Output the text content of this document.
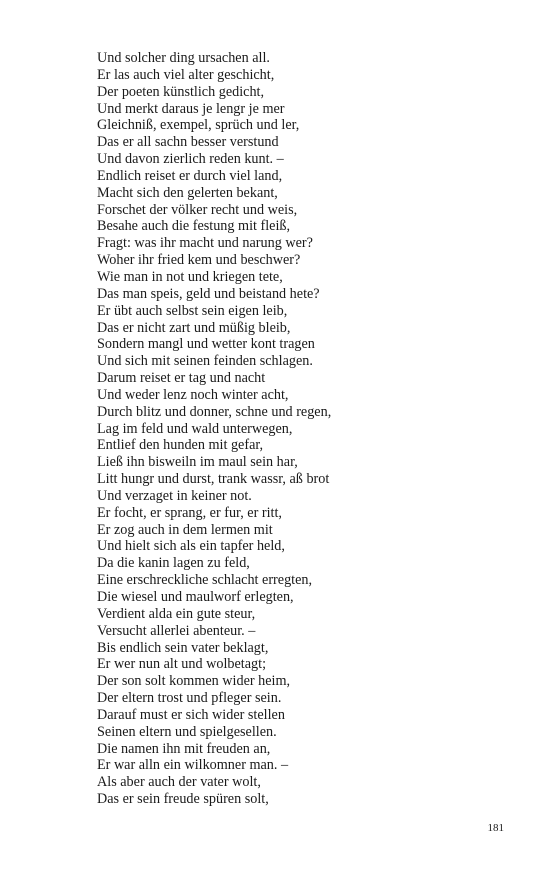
Und solcher ding ursachen all.
Er las auch viel alter geschicht,
Der poeten künstlich gedicht,
Und merkt daraus je lengr je mer
Gleichniß, exempel, sprüch und ler,
Das er all sachn besser verstund
Und davon zierlich reden kunt. –
Endlich reiset er durch viel land,
Macht sich den gelerten bekant,
Forschet der völker recht und weis,
Besahe auch die festung mit fleiß,
Fragt: was ihr macht und narung wer?
Woher ihr fried kem und beschwer?
Wie man in not und kriegen tete,
Das man speis, geld und beistand hete?
Er übt auch selbst sein eigen leib,
Das er nicht zart und müßig bleib,
Sondern mangl und wetter kont tragen
Und sich mit seinen feinden schlagen.
Darum reiset er tag und nacht
Und weder lenz noch winter acht,
Durch blitz und donner, schne und regen,
Lag im feld und wald unterwegen,
Entlief den hunden mit gefar,
Ließ ihn bisweiln im maul sein har,
Litt hungr und durst, trank wassr, aß brot
Und verzaget in keiner not.
Er focht, er sprang, er fur, er ritt,
Er zog auch in dem lermen mit
Und hielt sich als ein tapfer held,
Da die kanin lagen zu feld,
Eine erschreckliche schlacht erregten,
Die wiesel und maulworf erlegten,
Verdient alda ein gute steur,
Versucht allerlei abenteur. –
Bis endlich sein vater beklagt,
Er wer nun alt und wolbetagt;
Der son solt kommen wider heim,
Der eltern trost und pfleger sein.
Darauf must er sich wider stellen
Seinen eltern und spielgesellen.
Die namen ihn mit freuden an,
Er war alln ein wilkomner man. –
Als aber auch der vater wolt,
Das er sein freude spüren solt,
181
